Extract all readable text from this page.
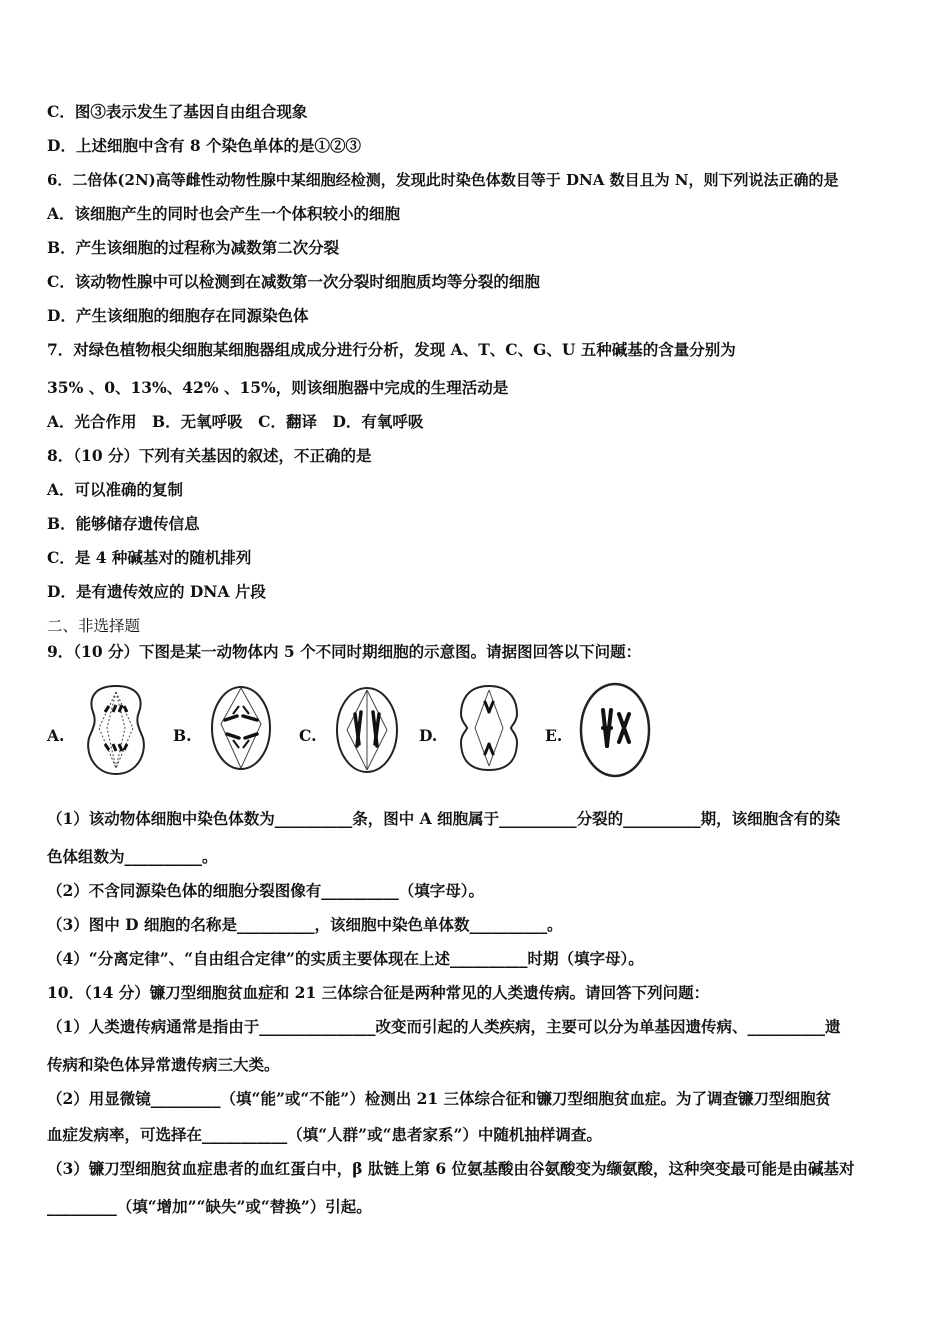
C．图③表示发生了基因自由组合现象
D．上述细胞中含有 8 个染色单体的是①②③
6．二倍体(2N)高等雌性动物性腺中某细胞经检测，发现此时染色体数目等于 DNA 数目且为 N，则下列说法正确的是
A．该细胞产生的同时也会产生一个体积较小的细胞
B．产生该细胞的过程称为减数第二次分裂
C．该动物性腺中可以检测到在减数第一次分裂时细胞质均等分裂的细胞
D．产生该细胞的细胞存在同源染色体
7．对绿色植物根尖细胞某细胞器组成成分进行分析，发现 A、T、C、G、U 五种碱基的含量分别为
35% 、0、13%、42% 、15%，则该细胞器中完成的生理活动是
A．光合作用　B．无氧呼吸　C．翻译　D．有氧呼吸
8．（10 分）下列有关基因的叙述，不正确的是
A．可以准确的复制
B．能够储存遗传信息
C．是 4 种碱基对的随机排列
D．是有遗传效应的 DNA 片段
二、非选择题
9．（10 分）下图是某一动物体内 5 个不同时期细胞的示意图。请据图回答以下问题：
A.	B.	C.	D.	E.
（1）该动物体细胞中染色体数为__________条，图中 A 细胞属于__________分裂的__________期，该细胞含有的染
色体组数为__________。
（2）不含同源染色体的细胞分裂图像有__________（填字母）。
（3）图中 D 细胞的名称是__________，该细胞中染色单体数__________。
（4）“分离定律”、“自由组合定律”的实质主要体现在上述__________时期（填字母）。
10．（14 分）镰刀型细胞贫血症和 21 三体综合征是两种常见的人类遗传病。请回答下列问题：
（1）人类遗传病通常是指由于_______________改变而引起的人类疾病，主要可以分为单基因遗传病、__________遗
传病和染色体异常遗传病三大类。
（2）用显微镜_________（填“能”或“不能”）检测出 21 三体综合征和镰刀型细胞贫血症。为了调查镰刀型细胞贫
血症发病率，可选择在___________（填“人群”或“患者家系”）中随机抽样调查。
（3）镰刀型细胞贫血症患者的血红蛋白中，β 肽链上第 6 位氨基酸由谷氨酸变为缬氨酸，这种突变最可能是由碱基对
_________（填“增加”“缺失”或“替换”）引起。
